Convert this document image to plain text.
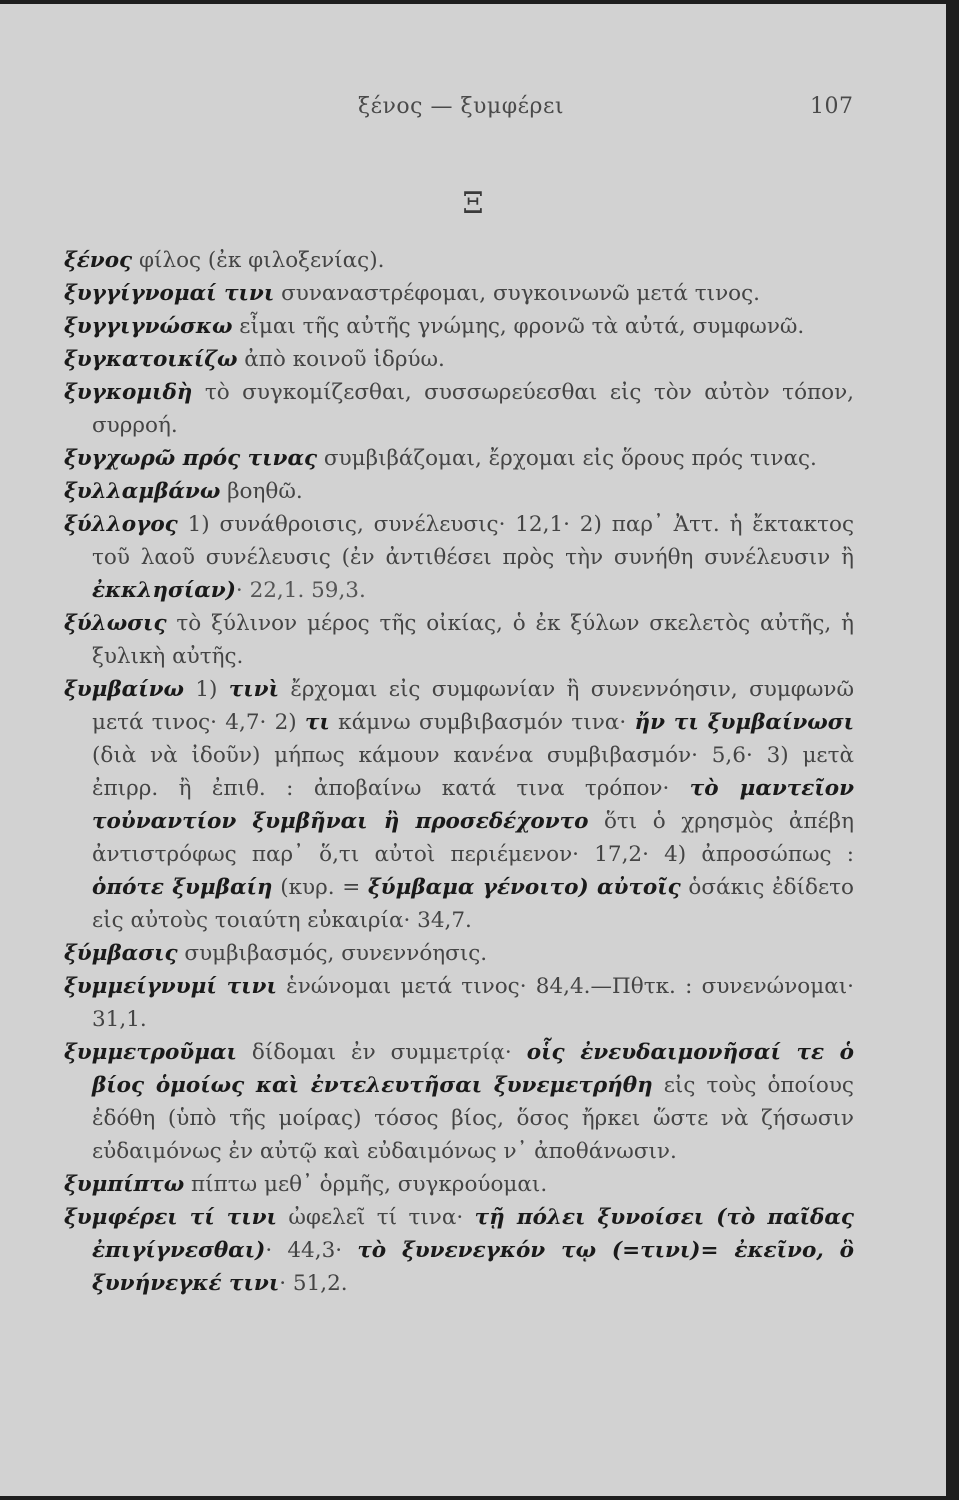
ξένος — ξυμφέρει	107
Ξ

ξένος φίλος (ἐκ φιλοξενίας).

ξυγγίγνομαί τινι συναναστρέφομαι, συγκοινωνῶ μετά τινος.

ξυγγιγνώσκω εἶμαι τῆς αὐτῆς γνώμης, φρονῶ τὰ αὐτά, συμφωνῶ.

ξυγκατοικίζω ἀπὸ κοινοῦ ἱδρύω.

ξυγκομιδὴ τὸ συγκομίζεσθαι, συσσωρεύεσθαι εἰς τὸν αὐτὸν τόπον, συρροή.

ξυγχωρῶ πρός τινας συμβιβάζομαι, ἔρχομαι εἰς ὅρους πρός τινας.

ξυλλαμβάνω βοηθῶ.

ξύλλογος 1) συνάθροισις, συνέλευσις· 12,1· 2) παρ᾿ Ἀττ. ἡ ἔκτακτος τοῦ λαοῦ συνέλευσις (ἐν ἀντιθέσει πρὸς τὴν συνήθη συνέλευσιν ἢ ἐκκλησίαν)· 22,1. 59,3.

ξύλωσις τὸ ξύλινον μέρος τῆς οἰκίας, ὁ ἐκ ξύλων σκελετὸς αὐτῆς, ἡ ξυλικὴ αὐτῆς.

ξυμβαίνω 1) τινὶ ἔρχομαι εἰς συμφωνίαν ἢ συνεννόησιν, συμφωνῶ μετά τινος· 4,7· 2) τι κάμνω συμβιβασμόν τινα· ἤν τι ξυμβαίνωσι (διὰ νὰ ἰδοῦν) μήπως κάμουν κανένα συμβιβασμόν· 5,6· 3) μετὰ ἐπιρρ. ἢ ἐπιθ. : ἀποβαίνω κατά τινα τρόπον· τὸ μαντεῖον τοὐναντίον ξυμβῆναι ἢ προσεδέχοντο ὅτι ὁ χρησμὸς ἀπέβη ἀντιστρόφως παρ᾿ ὅ,τι αὐτοὶ περιέμενον· 17,2· 4) ἀπροσώπως : ὁπότε ξυμβαίη (κυρ. = ξύμβαμα γένοιτο) αὐτοῖς ὁσάκις ἐδίδετο εἰς αὐτοὺς τοιαύτη εὐκαιρία· 34,7.

ξύμβασις συμβιβασμός, συνεννόησις.

ξυμμείγνυμί τινι ἑνώνομαι μετά τινος· 84,4.—Πθτκ. : συνενώνομαι· 31,1.

ξυμμετροῦμαι δίδομαι ἐν συμμετρίᾳ· οἷς ἐνευδαιμονῆσαί τε ὁ βίος ὁμοίως καὶ ἐντελευτῆσαι ξυνεμετρήθη εἰς τοὺς ὁποίους ἐδόθη (ὑπὸ τῆς μοίρας) τόσος βίος, ὅσος ἤρκει ὥστε νὰ ζήσωσιν εὐδαιμόνως ἐν αὐτῷ καὶ εὐδαιμόνως ν᾿ ἀποθάνωσιν.

ξυμπίπτω πίπτω μεθ᾿ ὁρμῆς, συγκρούομαι.

ξυμφέρει τί τινι ὠφελεῖ τί τινα· τῇ πόλει ξυνοίσει (τὸ παῖδας ἐπιγίγνεσθαι)· 44,3· τὸ ξυνενεγκόν τῳ (=τινι)= ἐκεῖνο, ὃ ξυνήνεγκέ τινι· 51,2.
